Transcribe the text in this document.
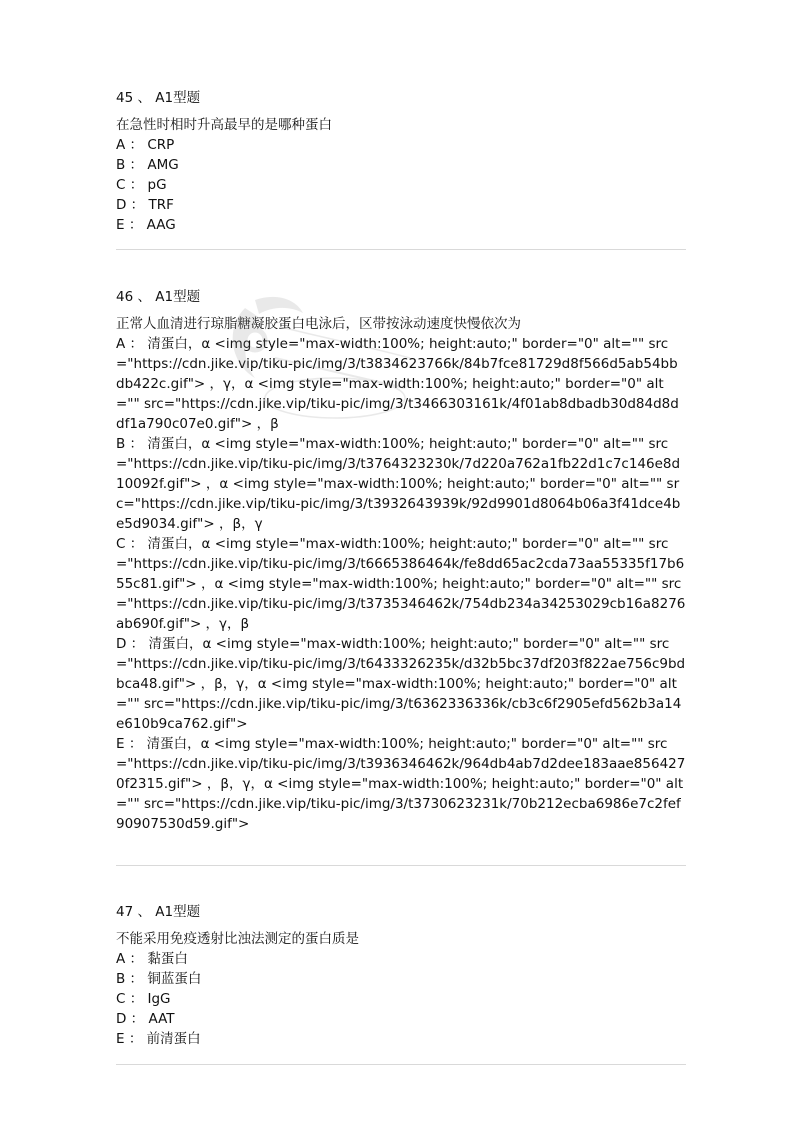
45 、 A1型题
在急性时相时升高最早的是哪种蛋白
A ： CRP
B ： AMG
C ： pG
D ： TRF
E ： AAG
46 、 A1型题
正常人血清进行琼脂糖凝胶蛋白电泳后，区带按泳动速度快慢依次为
A ： 清蛋白，α <img style="max-width:100%; height:auto;" border="0" alt="" src="https://cdn.jike.vip/tiku-pic/img/3/t3834623766k/84b7fce81729d8f566d5ab54bbdb422c.gif"> ，γ，α <img style="max-width:100%; height:auto;" border="0" alt="" src="https://cdn.jike.vip/tiku-pic/img/3/t3466303161k/4f01ab8dbadb30d84d8ddf1a790c07e0.gif"> ，β
B ： 清蛋白，α <img style="max-width:100%; height:auto;" border="0" alt="" src="https://cdn.jike.vip/tiku-pic/img/3/t3764323230k/7d220a762a1fb22d1c7c146e8d10092f.gif"> ，α <img style="max-width:100%; height:auto;" border="0" alt="" src="https://cdn.jike.vip/tiku-pic/img/3/t3932643939k/92d9901d8064b06a3f41dce4be5d9034.gif"> ，β，γ
C ： 清蛋白，α <img style="max-width:100%; height:auto;" border="0" alt="" src="https://cdn.jike.vip/tiku-pic/img/3/t6665386464k/fe8dd65ac2cda73aa55335f17b655c81.gif"> ，α <img style="max-width:100%; height:auto;" border="0" alt="" src="https://cdn.jike.vip/tiku-pic/img/3/t3735346462k/754db234a34253029cb16a8276ab690f.gif"> ，γ，β
D ： 清蛋白，α <img style="max-width:100%; height:auto;" border="0" alt="" src="https://cdn.jike.vip/tiku-pic/img/3/t6433326235k/d32b5bc37df203f822ae756c9bdbca48.gif"> ，β，γ，α <img style="max-width:100%; height:auto;" border="0" alt="" src="https://cdn.jike.vip/tiku-pic/img/3/t6362336336k/cb3c6f2905efd562b3a14e610b9ca762.gif">
E ： 清蛋白，α <img style="max-width:100%; height:auto;" border="0" alt="" src="https://cdn.jike.vip/tiku-pic/img/3/t3936346462k/964db4ab7d2dee183aae8564270f2315.gif"> ，β，γ，α <img style="max-width:100%; height:auto;" border="0" alt="" src="https://cdn.jike.vip/tiku-pic/img/3/t3730623231k/70b212ecba6986e7c2fef90907530d59.gif">
47 、 A1型题
不能采用免疫透射比浊法测定的蛋白质是
A ： 黏蛋白
B ： 铜蓝蛋白
C ： IgG
D ： AAT
E ： 前清蛋白
